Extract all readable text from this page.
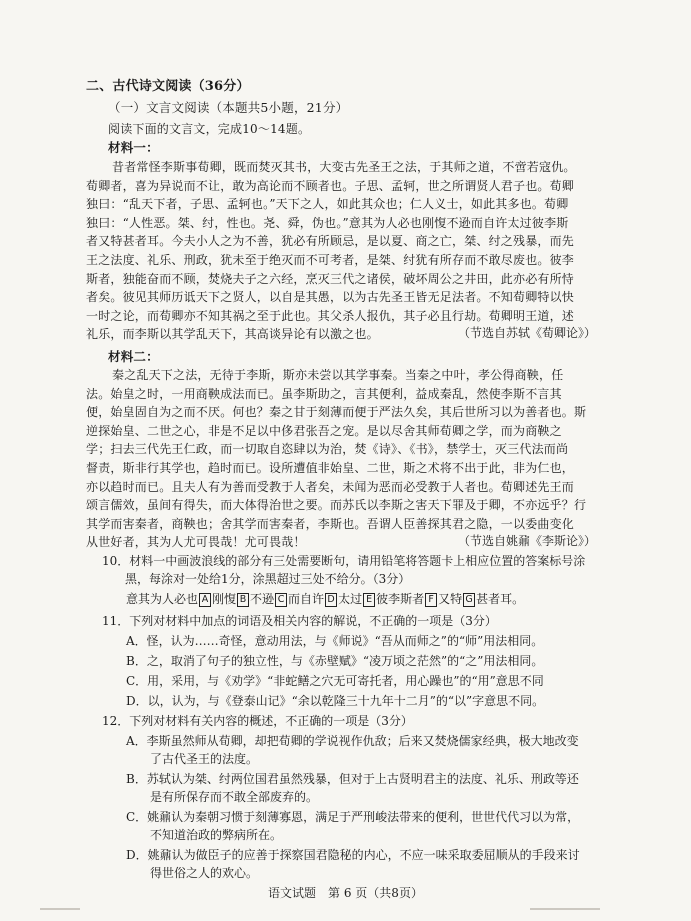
二、古代诗文阅读（36分）
（一）文言文阅读（本题共5小题，21分）
阅读下面的文言文，完成10～14题。
材料一：
昔者常怪李斯事荀卿，既而焚灭其书，大变古先圣王之法，于其师之道，不啻若寇仇。
荀卿者，喜为异说而不让，敢为高论而不顾者也。子思、孟轲，世之所谓贤人君子也。荀卿
独曰：“乱天下者，子思、孟轲也。”天下之人，如此其众也；仁人义士，如此其多也。荀卿
独曰：“人性恶。桀、纣，性也。尧、舜，伪也。”意其为人必也刚愎不逊而自许太过彼李斯
者又特甚者耳。今夫小人之为不善，犹必有所顾忌，是以夏、商之亡，桀、纣之残暴，而先
王之法度、礼乐、刑政，犹未至于绝灭而不可考者，是桀、纣犹有所存而不敢尽废也。彼李
斯者，独能奋而不顾，焚烧夫子之六经，烹灭三代之诸侯，破坏周公之井田，此亦必有所恃
者矣。彼见其师历诋天下之贤人，以自是其愚，以为古先圣王皆无足法者。不知荀卿特以快
一时之论，而荀卿亦不知其祸之至于此也。其父杀人报仇，其子必且行劫。荀卿明王道，述
礼乐，而李斯以其学乱天下，其高谈异论有以激之也。	（节选自苏轼《荀卿论》）
材料二：
秦之乱天下之法，无待于李斯，斯亦未尝以其学事秦。当秦之中叶，孝公得商鞅，任
法。始皇之时，一用商鞅成法而已。虽李斯助之，言其便利，益成秦乱，然使李斯不言其
便，始皇固自为之而不厌。何也？秦之甘于刻薄而便于严法久矣，其后世所习以为善者也。斯
逆探始皇、二世之心，非是不足以中侈君张吾之宠。是以尽舍其师荀卿之学，而为商鞅之
学；扫去三代先王仁政，而一切取自恣肆以为治，焚《诗》、《书》，禁学士，灭三代法而尚
督责，斯非行其学也，趋时而已。设所遭值非始皇、二世，斯之术将不出于此，非为仁也，
亦以趋时而已。且夫人有为善而受教于人者矣，未闻为恶而必受教于人者也。荀卿述先王而
颂言儒效，虽间有得失，而大体得治世之要。而苏氏以李斯之害天下罪及于卿，不亦远乎？行
其学而害秦者，商鞅也；舍其学而害秦者，李斯也。吾谓人臣善探其君之隐，一以委曲变化
从世好者，其为人尤可畏哉！尤可畏哉！	（节选自姚鼐《李斯论》）
10．材料一中画波浪线的部分有三处需要断句，请用铅笔将答题卡上相应位置的答案标号涂
黑，每涂对一处给1分，涂黑超过三处不给分。（3分）
意其为人必也 A 刚愎 B 不逊 C 而自许 D 太过 E 彼李斯者 F 又特 G 甚者耳。
11．下列对材料中加点的词语及相关内容的解说，不正确的一项是（3分）
A．怪，认为……奇怪，意动用法，与《师说》“吾从而师之”的“师”用法相同。
B．之，取消了句子的独立性，与《赤壁赋》“凌万顷之茫然”的“之”用法相同。
C．用，采用，与《劝学》“非蛇鳝之穴无可寄托者，用心躁也”的“用”意思不同
D．以，认为，与《登泰山记》“余以乾隆三十九年十二月”的“以”字意思不同。
12．下列对材料有关内容的概述，不正确的一项是（3分）
A．李斯虽然师从荀卿，却把荀卿的学说视作仇敌；后来又焚烧儒家经典，极大地改变
了古代圣王的法度。
B．苏轼认为桀、纣两位国君虽然残暴，但对于上古贤明君主的法度、礼乐、刑政等还
是有所保存而不敢全部废弃的。
C．姚鼐认为秦朝习惯于刻薄寡恩，满足于严刑峻法带来的便利，世世代代习以为常，
不知道治政的弊病所在。
D．姚鼐认为做臣子的应善于探察国君隐秘的内心，不应一味采取委屈顺从的手段来讨
语文试题　第 6 页（共8页）
得世俗之人的欢心。
